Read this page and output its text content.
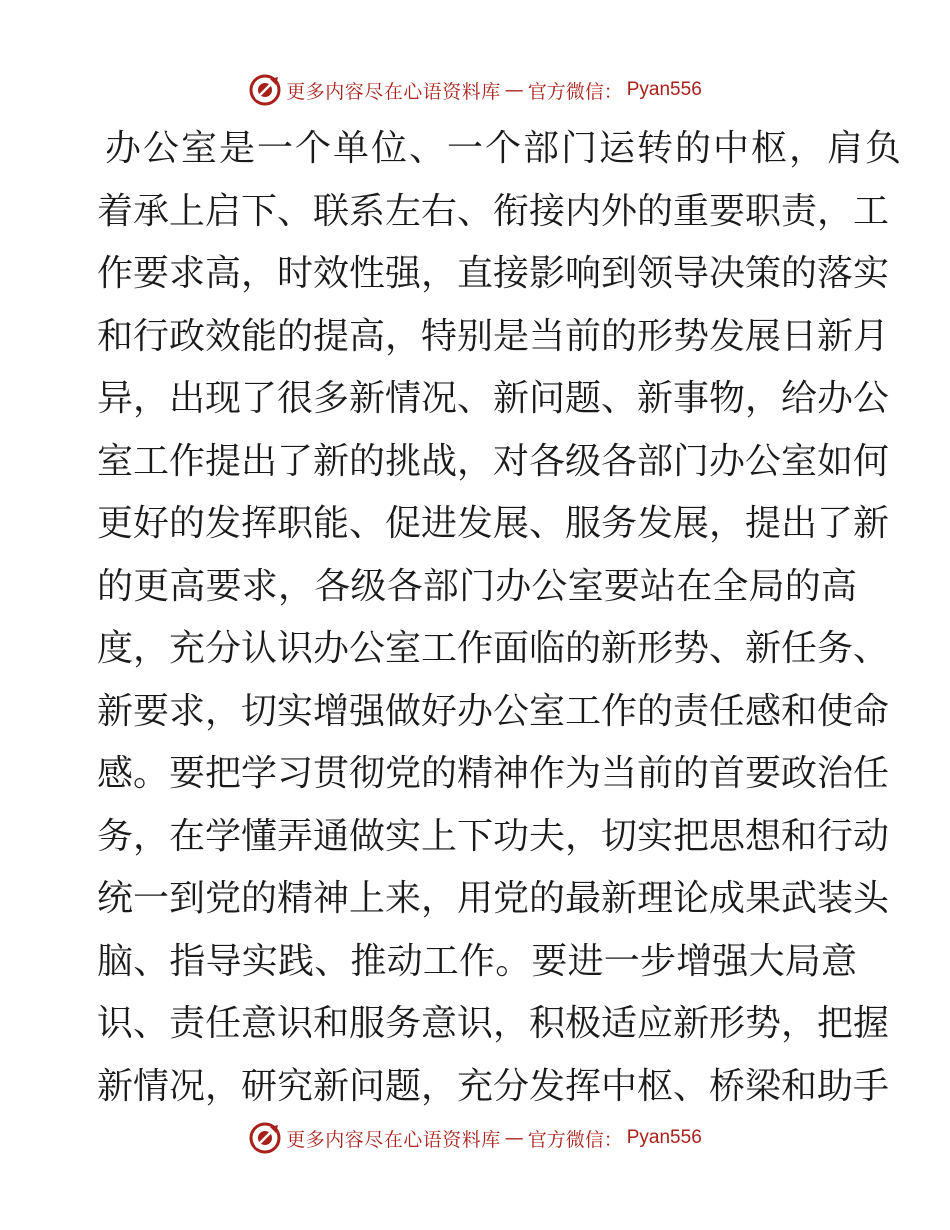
更多内容尽在心语资料库 — 官方微信： Pyan556
办公室是一个单位、一个部门运转的中枢，肩负
着承上启下、联系左右、衔接内外的重要职责，工
作要求高，时效性强，直接影响到领导决策的落实
和行政效能的提高，特别是当前的形势发展日新月
异，出现了很多新情况、新问题、新事物，给办公
室工作提出了新的挑战，对各级各部门办公室如何
更好的发挥职能、促进发展、服务发展，提出了新
的更高要求，各级各部门办公室要站在全局的高
度，充分认识办公室工作面临的新形势、新任务、
新要求，切实增强做好办公室工作的责任感和使命
感。要把学习贯彻党的精神作为当前的首要政治任
务，在学懂弄通做实上下功夫，切实把思想和行动
统一到党的精神上来，用党的最新理论成果武装头
脑、指导实践、推动工作。要进一步增强大局意
识、责任意识和服务意识，积极适应新形势，把握
新情况，研究新问题，充分发挥中枢、桥梁和助手
更多内容尽在心语资料库 — 官方微信： Pyan556
